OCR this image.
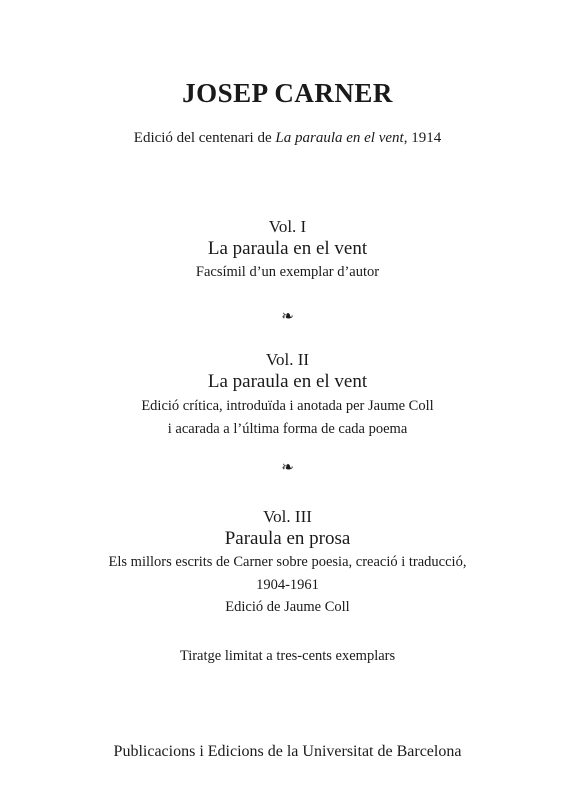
JOSEP CARNER
Edició del centenari de La paraula en el vent, 1914
Vol. I
La paraula en el vent
Facsímil d’un exemplar d’autor
❧
Vol. II
La paraula en el vent
Edició crítica, introduïda i anotada per Jaume Coll
i acarada a l’última forma de cada poema
❧
Vol. III
Paraula en prosa
Els millors escrits de Carner sobre poesia, creació i traducció,
1904-1961
Edició de Jaume Coll
Tiratge limitat a tres-cents exemplars
Publicacions i Edicions de la Universitat de Barcelona
